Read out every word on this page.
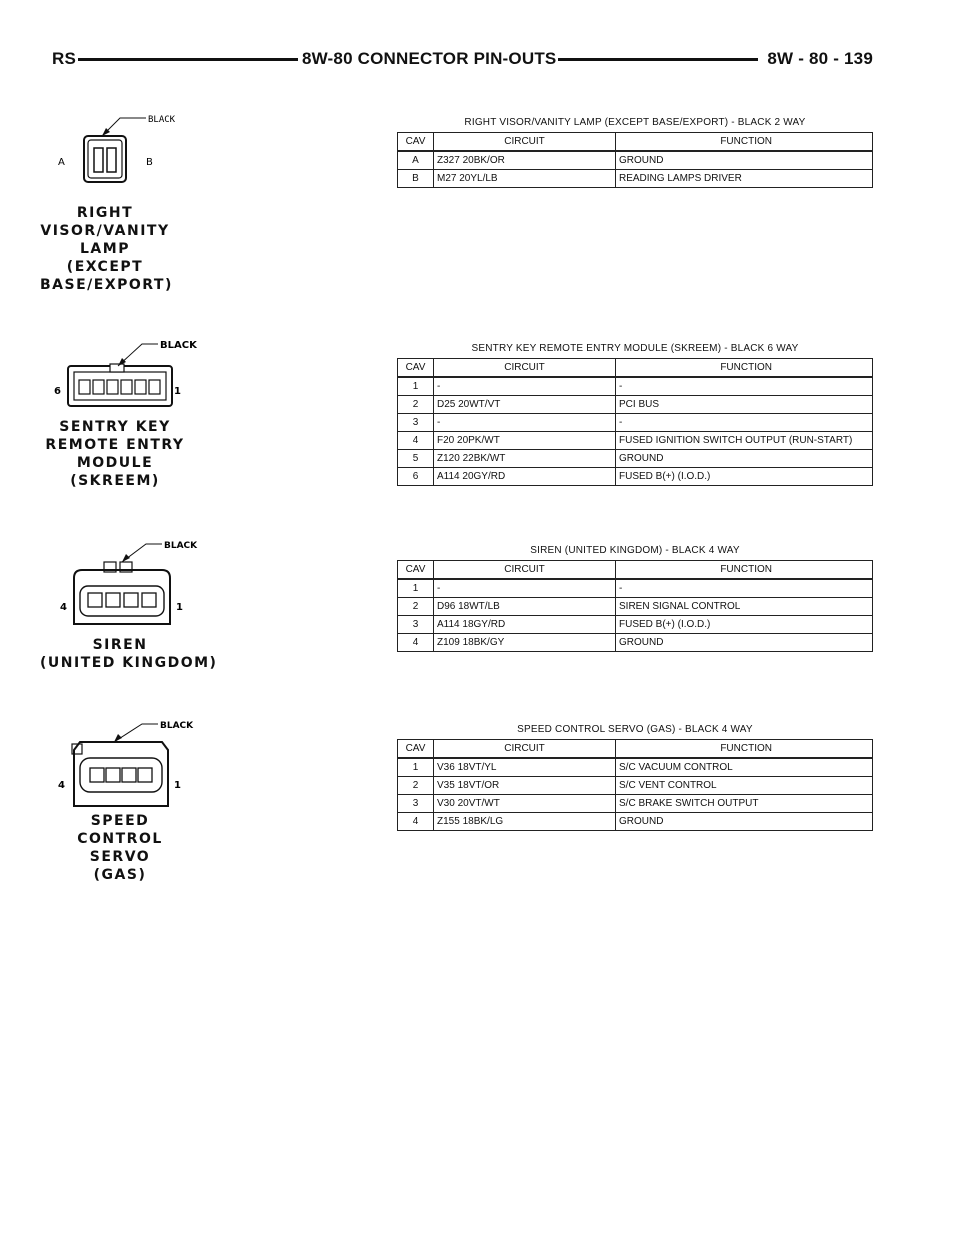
RS	8W-80 CONNECTOR PIN-OUTS	8W - 80 - 139
BLACK
A	B
RIGHT
VISOR/VANITY
LAMP
(EXCEPT
BASE/EXPORT)
RIGHT VISOR/VANITY LAMP (EXCEPT BASE/EXPORT) - BLACK 2 WAY
CAV	CIRCUIT	FUNCTION
A	Z327 20BK/OR	GROUND
B	M27 20YL/LB	READING LAMPS DRIVER
BLACK
6	1
SENTRY KEY
REMOTE ENTRY
MODULE
(SKREEM)
SENTRY KEY REMOTE ENTRY MODULE (SKREEM) - BLACK 6 WAY
CAV	CIRCUIT	FUNCTION
1	-	-
2	D25 20WT/VT	PCI BUS
3	-	-
4	F20 20PK/WT	FUSED IGNITION SWITCH OUTPUT (RUN-START)
5	Z120 22BK/WT	GROUND
6	A114 20GY/RD	FUSED B(+) (I.O.D.)
BLACK
4	1
SIREN
(UNITED KINGDOM)
SIREN (UNITED KINGDOM) - BLACK 4 WAY
CAV	CIRCUIT	FUNCTION
1	-	-
2	D96 18WT/LB	SIREN SIGNAL CONTROL
3	A114 18GY/RD	FUSED B(+) (I.O.D.)
4	Z109 18BK/GY	GROUND
BLACK
4	1
SPEED
CONTROL
SERVO
(GAS)
SPEED CONTROL SERVO (GAS) - BLACK 4 WAY
CAV	CIRCUIT	FUNCTION
1	V36 18VT/YL	S/C VACUUM CONTROL
2	V35 18VT/OR	S/C VENT CONTROL
3	V30 20VT/WT	S/C BRAKE SWITCH OUTPUT
4	Z155 18BK/LG	GROUND
